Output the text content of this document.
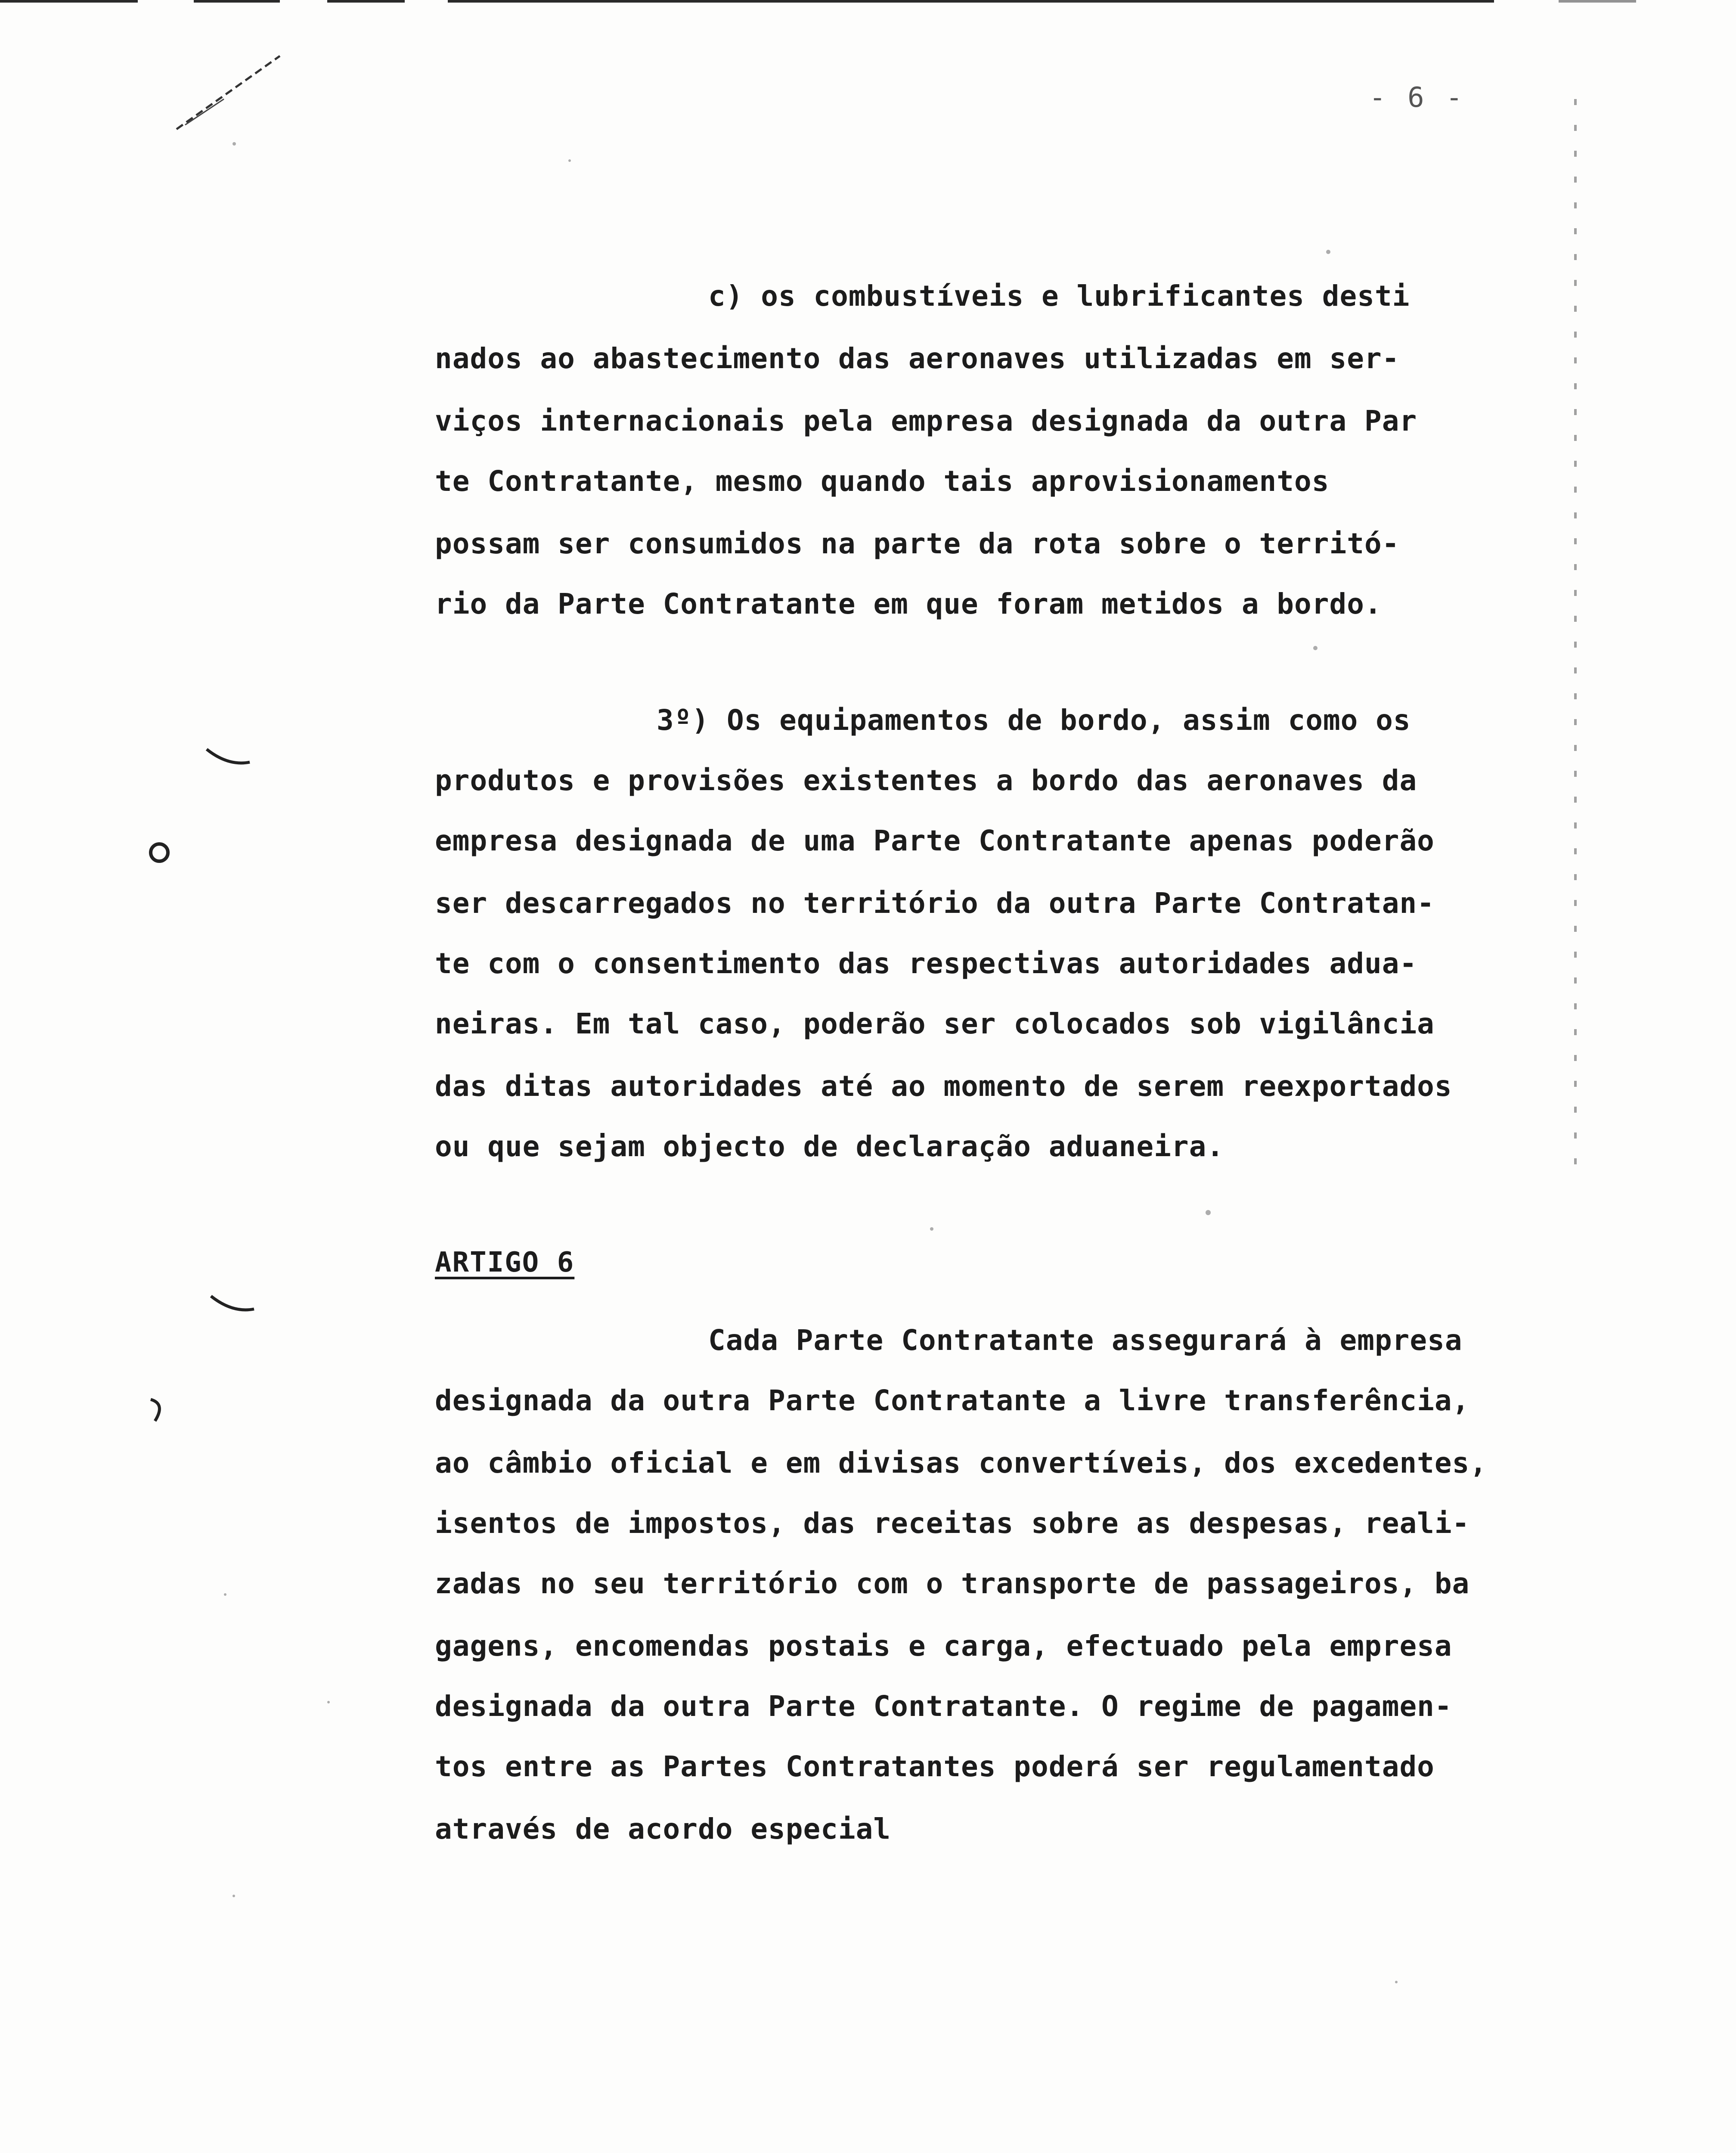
- 6 -
c) os combustíveis e lubrificantes desti
nados ao abastecimento das aeronaves utilizadas em ser-
viços internacionais pela empresa designada da outra Par
te Contratante, mesmo quando tais aprovisionamentos
possam ser consumidos na parte da rota sobre o territó-
rio da Parte Contratante em que foram metidos a bordo.
3º) Os equipamentos de bordo, assim como os
produtos e provisões existentes a bordo das aeronaves da
empresa designada de uma Parte Contratante apenas poderão
ser descarregados no território da outra Parte Contratan-
te com o consentimento das respectivas autoridades adua-
neiras. Em tal caso, poderão ser colocados sob vigilância
das ditas autoridades até ao momento de serem reexportados
ou que sejam objecto de declaração aduaneira.
ARTIGO 6
Cada Parte Contratante assegurará à empresa
designada da outra Parte Contratante a livre transferência,
ao câmbio oficial e em divisas convertíveis, dos excedentes,
isentos de impostos, das receitas sobre as despesas, reali-
zadas no seu território com o transporte de passageiros, ba
gagens, encomendas postais e carga, efectuado pela empresa
designada da outra Parte Contratante. O regime de pagamen-
tos entre as Partes Contratantes poderá ser regulamentado
através de acordo especial
